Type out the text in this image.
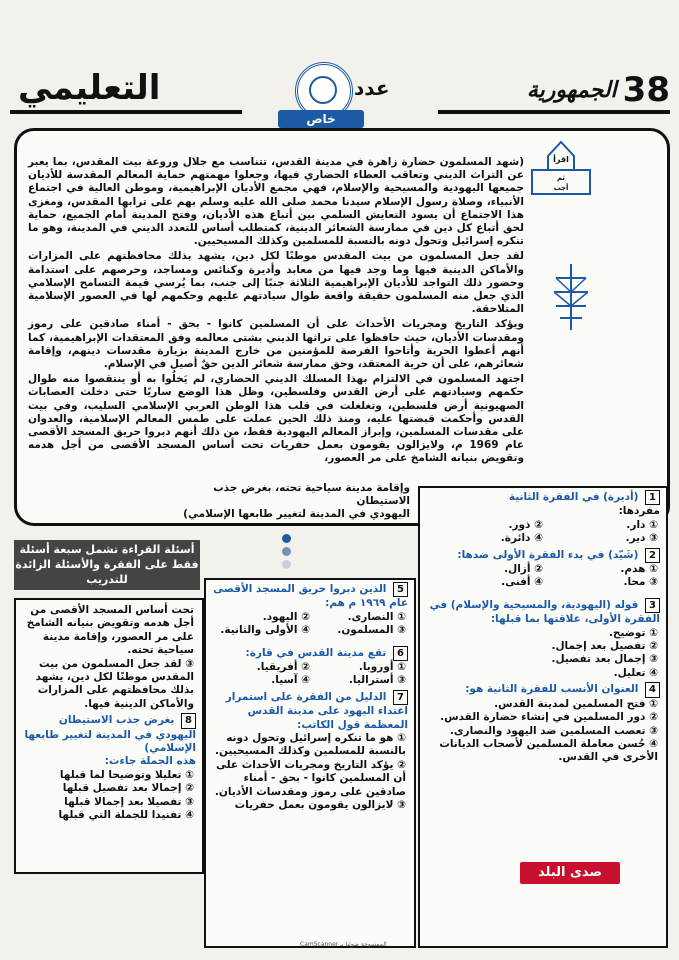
التعليمي
خاص
عدد	38
الجمهورية
اقرأ
ثم
أجب

(شهد المسلمون حضارة زاهرة في مدينة القدس، تتناسب مع جلال وروعة بيت المقدس، بما يعبر عن التراث الديني وتعاقب العطاء الحضاري فيها، وجعلوا مهمتهم حماية المعالم المقدسة للأديان جميعها اليهودية والمسيحية والإسلام، فهي مجمع الأديان الإبراهيمية، وموطن العالية في اجتماع الأنبياء، وصلاة رسول الإسلام سيدنا محمد صلى الله عليه وسلم بهم على ترابها المقدس، ومغزى هذا الاجتماع أن يسود التعايش السلمي بين أتباع هذه الأديان، وفتح المدينة أمام الجميع، حماية لحق أتباع كل دين في ممارسة الشعائر الدينية، كمتطلب أساس للتعدد الديني في المدينة، وهو ما تنكره إسرائيل وتحول دونه بالنسبة للمسلمين وكذلك المسيحيين.

لقد جعل المسلمون من بيت المقدس موطنًا لكل دين، يشهد بذلك محافظتهم على المزارات والأماكن الدينية فيها وما وجد فيها من معابد وأديرة وكنائس ومساجد، وحرصهم على استدامة وحضور ذلك التواجد للأديان الإبراهيمية الثلاثة جنبًا إلى جنب، بما يُرسي قيمة التسامح الإسلامي الذي جعل منه المسلمون حقيقة واقعة طوال سيادتهم عليهم وحكمهم لها في العصور الإسلامية المتلاحقة.

ويؤكد التاريخ ومجريات الأحداث على أن المسلمين كانوا - بحق - أمناء صادقين على رموز ومقدسات الأديان، حيث حافظوا على تراثها الديني بشتى معالمه وفق المعتقدات الإبراهيمية، كما أنهم أعطوا الحرية وأتاحوا الفرصة للمؤمنين من خارج المدينة بزيارة مقدسات دينهم، وإقامة شعائرهم، على أن حرية المعتقد، وحق ممارسة شعائر الدين حقٌ أصيل في الإسلام.

اجتهد المسلمون في الالتزام بهذا المسلك الديني الحضاري، لم يَخلُوا به أو ينتقصوا منه طوال حكمهم وسيادتهم على أرض القدس وفلسطين، وظل هذا الوضع ساريًا حتى دخلت العصابات الصهيونية أرض فلسطين، وتغلغلت في قلب هذا الوطن العربي الإسلامي السليب، وفي بيت القدس وأحكمت قبضتها عليه، ومنذ ذلك الحين عملت على طمس المعالم الإسلامية، والعدوان على مقدسات المسلمين، وإبراز المعالم اليهودية فقط، من ذلك أنهم دبروا حريق المسجد الأقصى عام 1969 م، ولايزالون يقومون بعمل حفريات تحت أساس المسجد الأقصى من أجل هدمه وتقويض بنيانه الشامخ على مر العصور،

وإقامة مدينة سياحية تحته، بغرض جذب الاستيطان
اليهودي في المدينة لتغيير طابعها الإسلامي)
1 (أديرة) في الفقرة الثانية
مفردها:
① دار.
② ذور.
③ دير.
④ دائرة.
2 (شَيّد) في بدء الفقرة الأولى ضدها:
① هدم.
② أزال.
③ محا.
④ أفنى.
3 قوله (اليهودية، والمسيحية والإسلام) في الفقرة الأولى، علاقتها بما قبلها:
① توضيح.
② تفصيل بعد إجمال.
③ إجمال بعد تفصيل.
④ تعليل.
4 العنوان الأنسب للفقرة الثانية هو:
① فتح المسلمين لمدينة القدس.
② دور المسلمين في إنشاء حضارة القدس.
③ تعصب المسلمين ضد اليهود والنصارى.
④ حُسن معاملة المسلمين لأصحاب الديانات الأخرى في القدس.
5 الذين دبروا حريق المسجد الأقصى عام ١٩٦٩ م هم:
① النصارى.
② اليهود.
③ المسلمون.
④ الأولى والثانية.
6 تقع مدينة القدس في قارة:
① أوروبا.
② أفريقيا.
③ أستراليا.
④ آسيا.
7 الدليل من الفقرة على استمرار اعتداء اليهود على مدينة القدس المعظمة قول الكاتب:
① هو ما تنكره إسرائيل وتحول دونه بالنسبة للمسلمين وكذلك المسيحيين.
② يؤكد التاريخ ومجريات الأحداث على أن المسلمين كانوا - بحق - أمناء صادقين على رموز ومقدسات الأديان.
③ لايزالون يقومون بعمل حفريات
أسئلة القراءة تشمل سبعة أسئلة فقط على الفقرة والأسئلة الزائدة للتدريب
تحت أساس المسجد الأقصى من أجل هدمه وتقويض بنيانه الشامخ على مر العصور، وإقامة مدينة سياحية تحته.
③ لقد جعل المسلمون من بيت المقدس موطنًا لكل دين، يشهد بذلك محافظتهم على المزارات والأماكن الدينية فيها.
8 بغرض جذب الاستيطان اليهودي في المدينة لتغيير طابعها الإسلامي)
هذه الجملة جاءت:
① تعليلا وتوضيحا لما قبلها
② إجمالا بعد تفصيل قبلها
③ تفصيلا بعد إجمالا قبلها
④ تفنيدا للجملة التي قبلها
صدى البلد
الممسوحة ضوئيا بـ CamScanner
